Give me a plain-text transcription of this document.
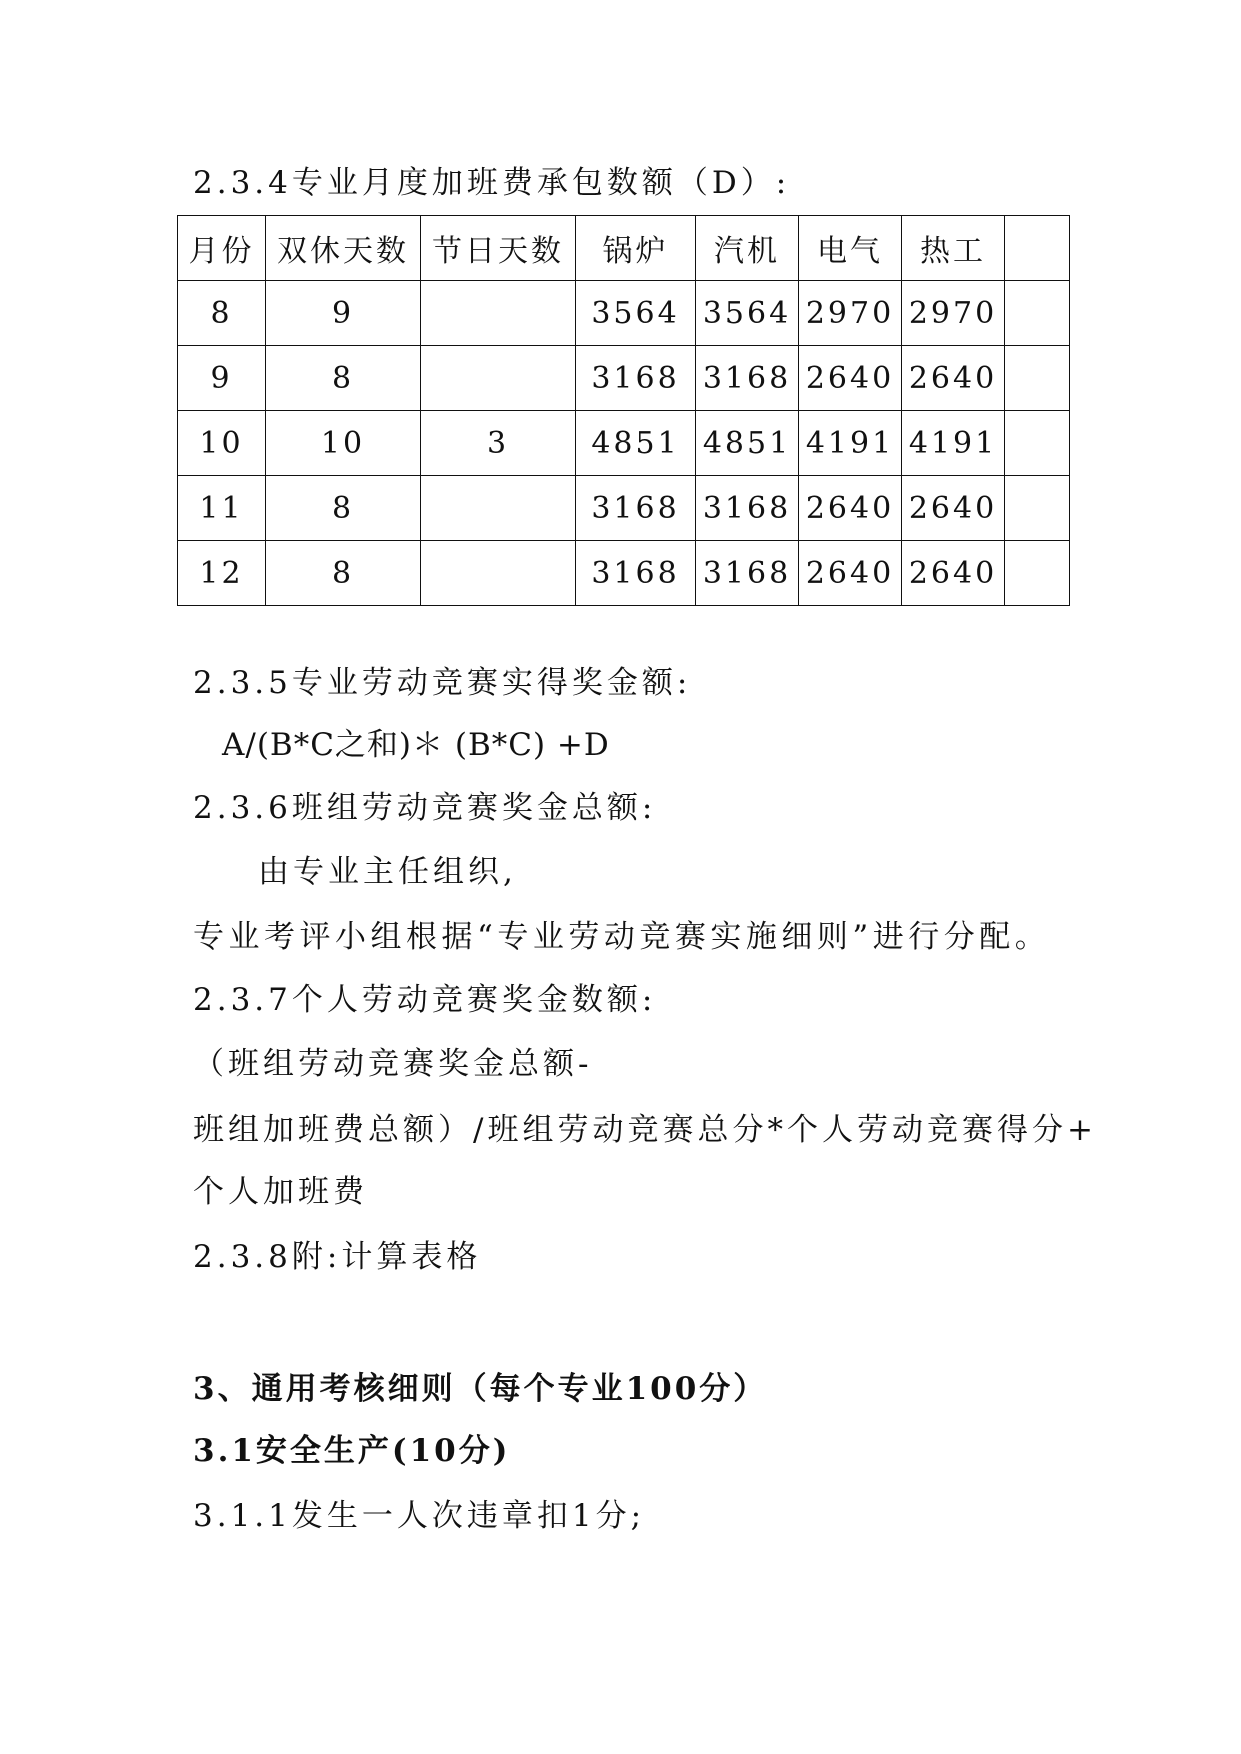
2.3.4专业月度加班费承包数额（D）:
月份	双休天数	节日天数	锅炉	汽机	电气	热工	
8	9		3564	3564	2970	2970	
9	8		3168	3168	2640	2640	
10	10	3	4851	4851	4191	4191	
11	8		3168	3168	2640	2640	
12	8		3168	3168	2640	2640	
2.3.5专业劳动竞赛实得奖金额:
A/(B*C之和)＊ (B*C) +D
2.3.6班组劳动竞赛奖金总额:
由专业主任组织,
专业考评小组根据“专业劳动竞赛实施细则”进行分配。
2.3.7个人劳动竞赛奖金数额:
（班组劳动竞赛奖金总额-
班组加班费总额）/班组劳动竞赛总分*个人劳动竞赛得分+
个人加班费
2.3.8附:计算表格
3、通用考核细则（每个专业100分）
3.1安全生产(10分)
3.1.1发生一人次违章扣1分;
